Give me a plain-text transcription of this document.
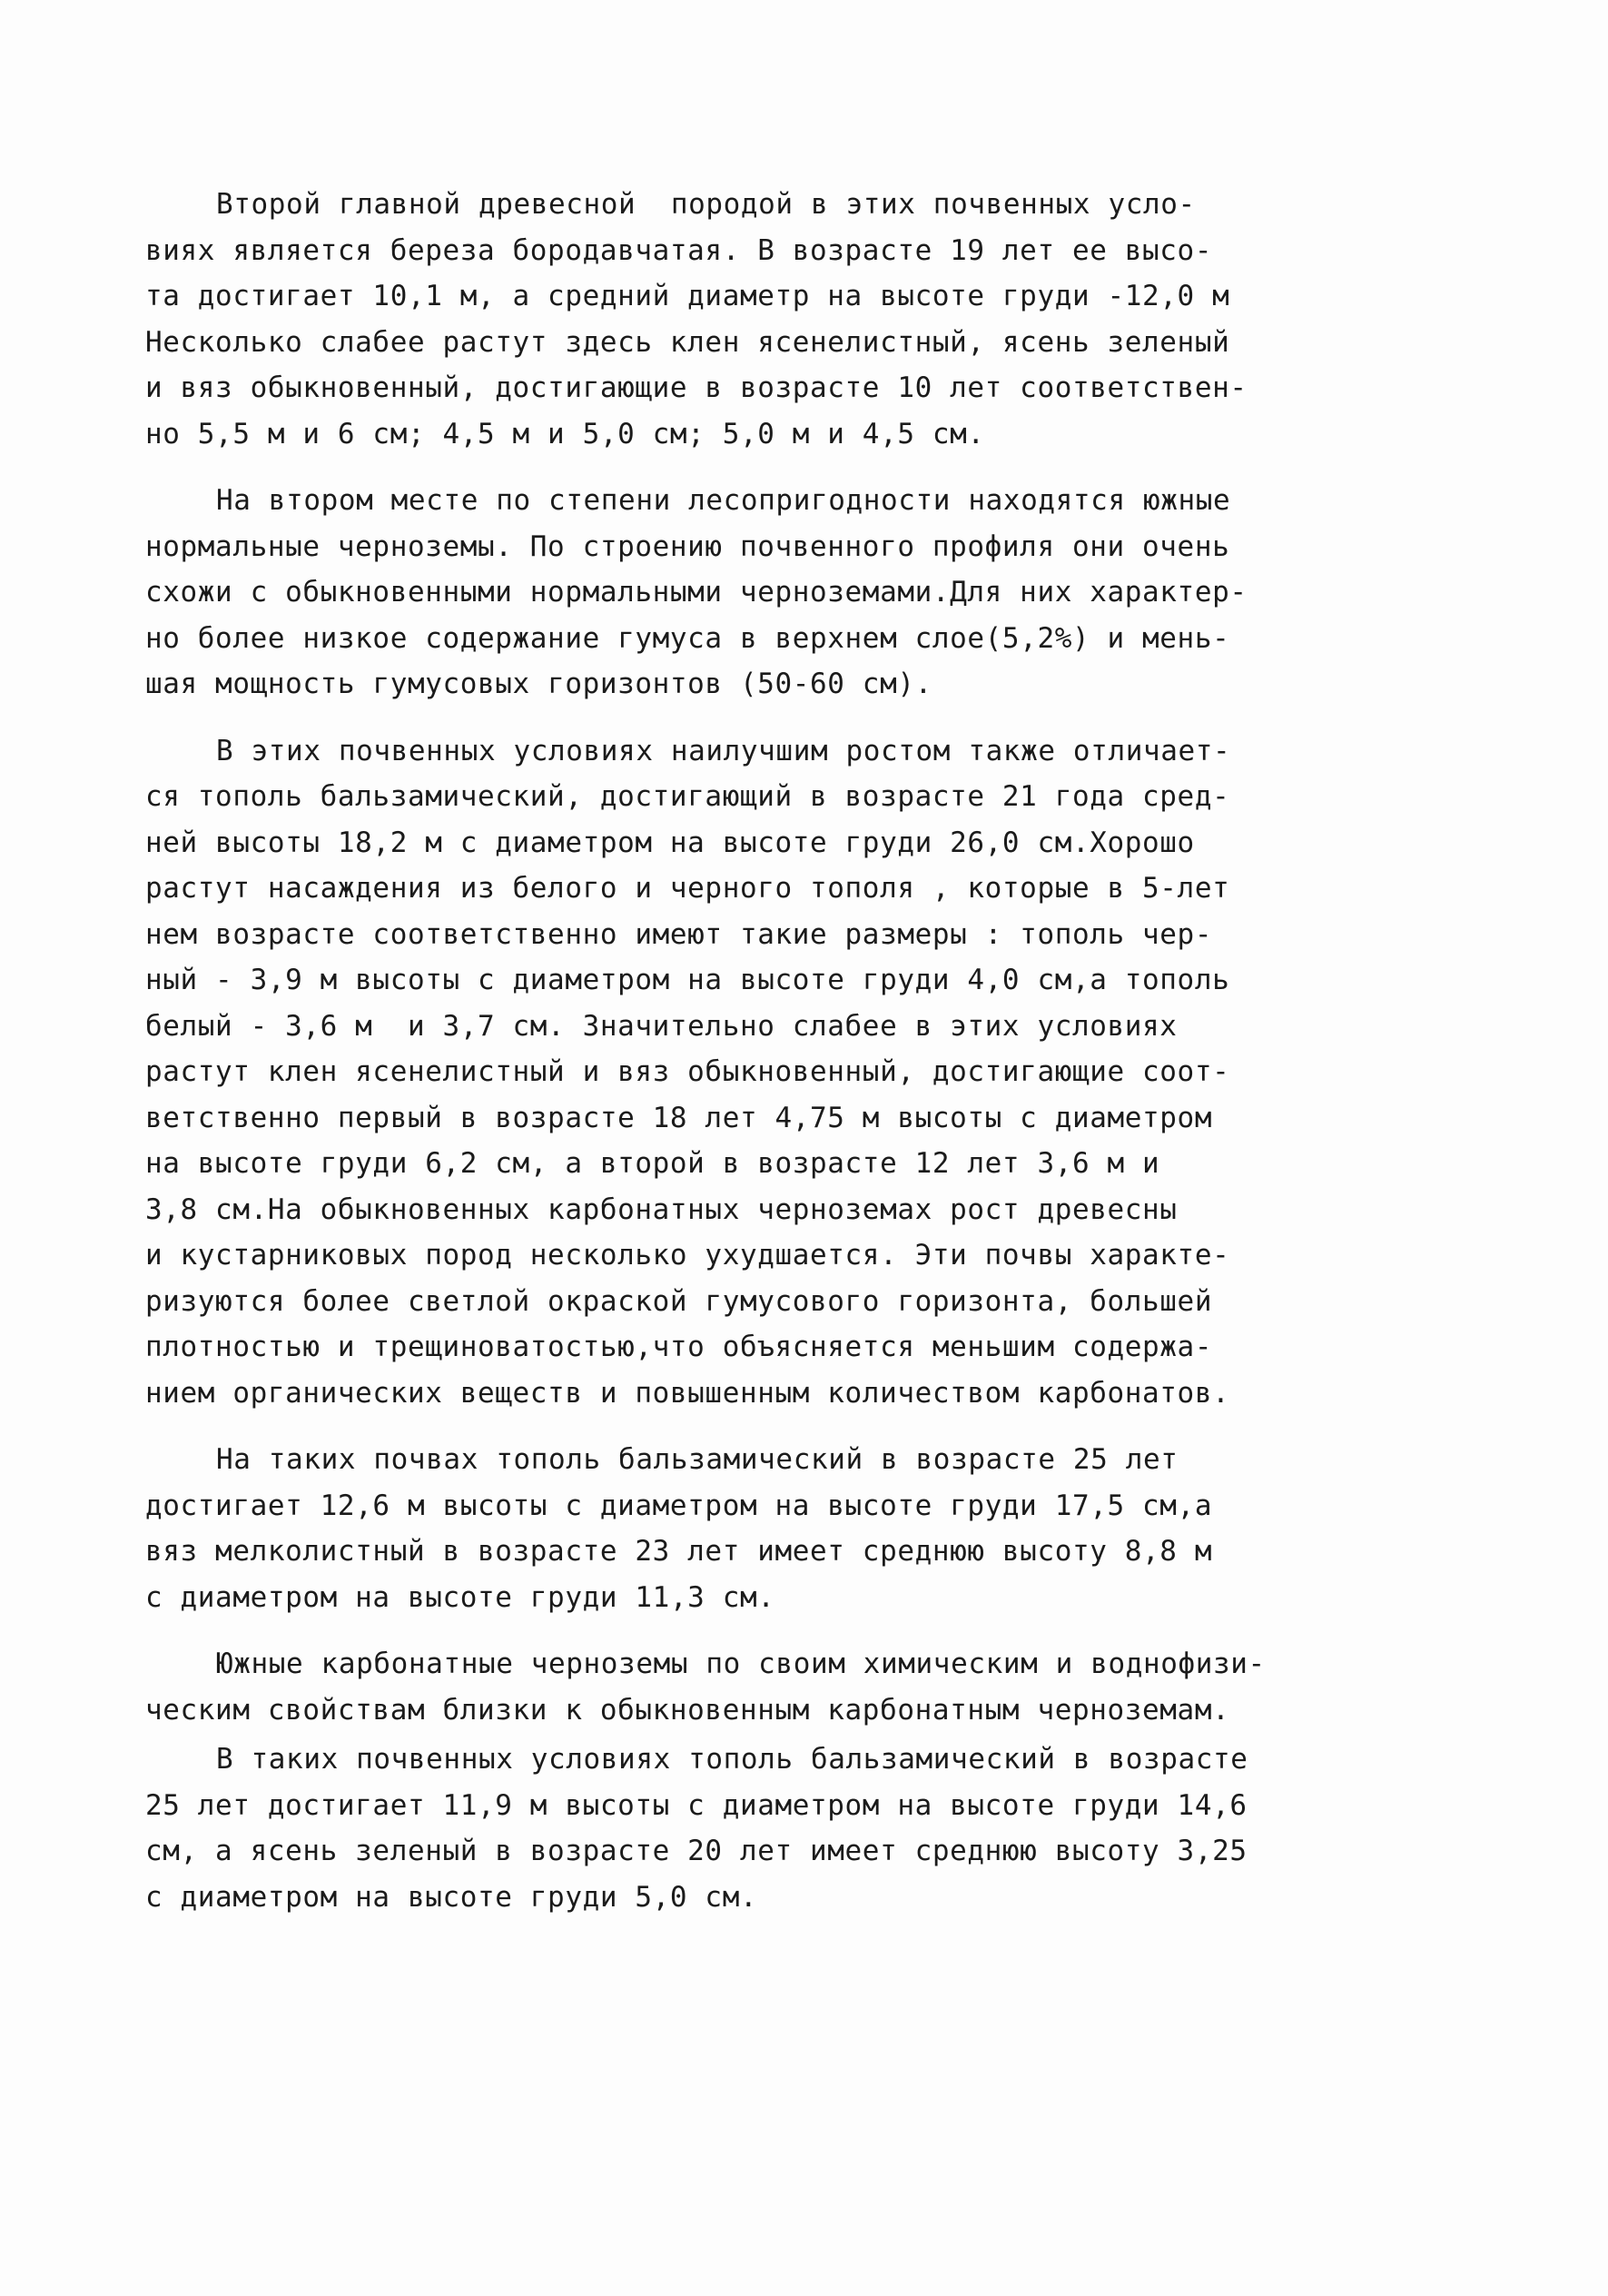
Второй главной древесной  породой в этих почвенных усло-
виях является береза бородавчатая. В возрасте 19 лет ее высо-
та достигает 10,1 м, а средний диаметр на высоте груди -12,0 м
Несколько слабее растут здесь клен ясенелистный, ясень зеленый
и вяз обыкновенный, достигающие в возрасте 10 лет соответствен-
но 5,5 м и 6 см; 4,5 м и 5,0 см; 5,0 м и 4,5 см.

На втором месте по степени лесопригодности находятся южные
нормальные черноземы. По строению почвенного профиля они очень
схожи с обыкновенными нормальными черноземами.Для них характер-
но более низкое содержание гумуса в верхнем слое(5,2%) и мень-
шая мощность гумусовых горизонтов (50-60 см).

В этих почвенных условиях наилучшим ростом также отличает-
ся тополь бальзамический, достигающий в возрасте 21 года сред-
ней высоты 18,2 м с диаметром на высоте груди 26,0 см.Хорошо
растут насаждения из белого и черного тополя , которые в 5-лет
нем возрасте соответственно имеют такие размеры : тополь чер-
ный - 3,9 м высоты с диаметром на высоте груди 4,0 см,а тополь
белый - 3,6 м  и 3,7 см. Значительно слабее в этих условиях
растут клен ясенелистный и вяз обыкновенный, достигающие соот-
ветственно первый в возрасте 18 лет 4,75 м высоты с диаметром
на высоте груди 6,2 см, а второй в возрасте 12 лет 3,6 м и
3,8 см.На обыкновенных карбонатных черноземах рост древесны
и кустарниковых пород несколько ухудшается. Эти почвы характе-
ризуются более светлой окраской гумусового горизонта, большей
плотностью и трещиноватостью,что объясняется меньшим содержа-
нием органических веществ и повышенным количеством карбонатов.

На таких почвах тополь бальзамический в возрасте 25 лет
достигает 12,6 м высоты с диаметром на высоте груди 17,5 см,а
вяз мелколистный в возрасте 23 лет имеет среднюю высоту 8,8 м
с диаметром на высоте груди 11,3 см.

Южные карбонатные черноземы по своим химическим и воднофизи-
ческим свойствам близки к обыкновенным карбонатным черноземам.

В таких почвенных условиях тополь бальзамический в возрасте
25 лет достигает 11,9 м высоты с диаметром на высоте груди 14,6
см, а ясень зеленый в возрасте 20 лет имеет среднюю высоту 3,25
с диаметром на высоте груди 5,0 см.
